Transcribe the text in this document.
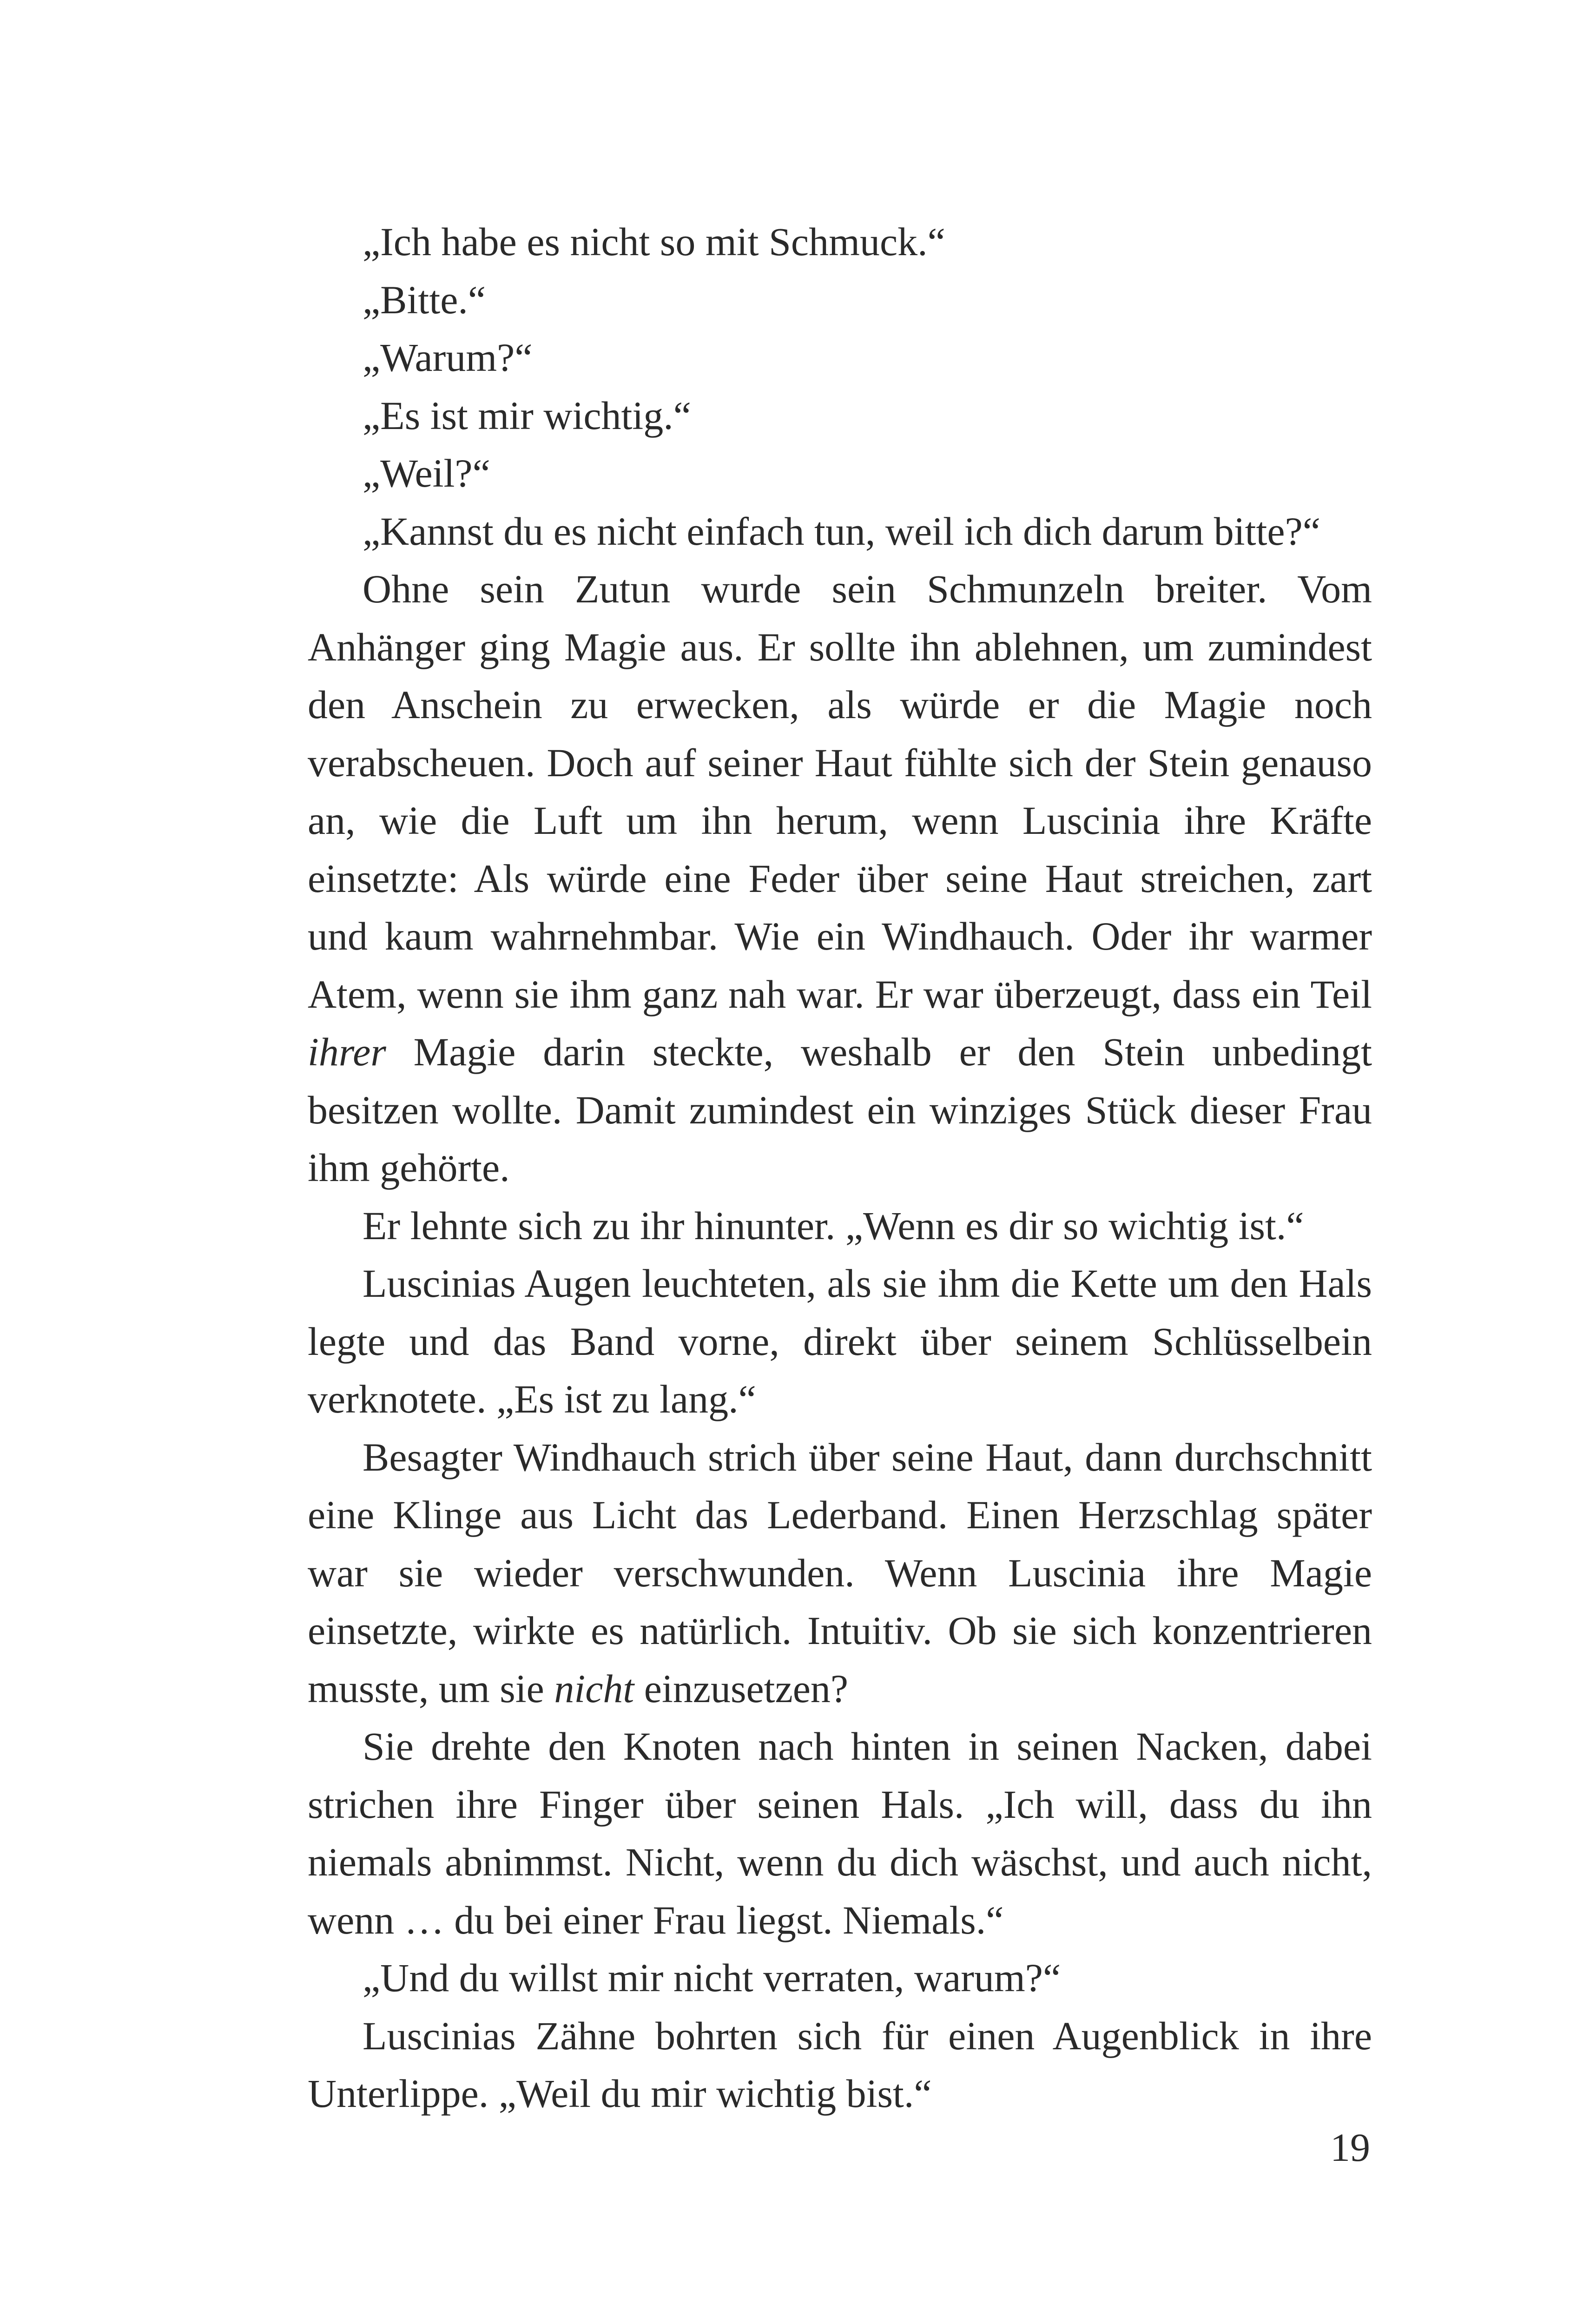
„Ich habe es nicht so mit Schmuck.“

„Bitte.“

„Warum?“

„Es ist mir wichtig.“

„Weil?“

„Kannst du es nicht einfach tun, weil ich dich darum bitte?“

Ohne sein Zutun wurde sein Schmunzeln breiter. Vom Anhänger ging Magie aus. Er sollte ihn ablehnen, um zumindest den Anschein zu erwecken, als würde er die Magie noch verabscheuen. Doch auf seiner Haut fühlte sich der Stein genauso an, wie die Luft um ihn herum, wenn Luscinia ihre Kräfte einsetzte: Als würde eine Feder über seine Haut streichen, zart und kaum wahrnehmbar. Wie ein Windhauch. Oder ihr warmer Atem, wenn sie ihm ganz nah war. Er war überzeugt, dass ein Teil ihrer Magie darin steckte, weshalb er den Stein unbedingt besitzen wollte. Damit zumindest ein winziges Stück dieser Frau ihm gehörte.

Er lehnte sich zu ihr hinunter. „Wenn es dir so wichtig ist.“

Luscinias Augen leuchteten, als sie ihm die Kette um den Hals legte und das Band vorne, direkt über seinem Schlüsselbein verknotete. „Es ist zu lang.“

Besagter Windhauch strich über seine Haut, dann durchschnitt eine Klinge aus Licht das Lederband. Einen Herzschlag später war sie wieder verschwunden. Wenn Luscinia ihre Magie einsetzte, wirkte es natürlich. Intuitiv. Ob sie sich konzentrieren musste, um sie nicht einzusetzen?

Sie drehte den Knoten nach hinten in seinen Nacken, dabei strichen ihre Finger über seinen Hals. „Ich will, dass du ihn niemals abnimmst. Nicht, wenn du dich wäschst, und auch nicht, wenn … du bei einer Frau liegst. Niemals.“

„Und du willst mir nicht verraten, warum?“

Luscinias Zähne bohrten sich für einen Augenblick in ihre Unterlippe. „Weil du mir wichtig bist.“

19
